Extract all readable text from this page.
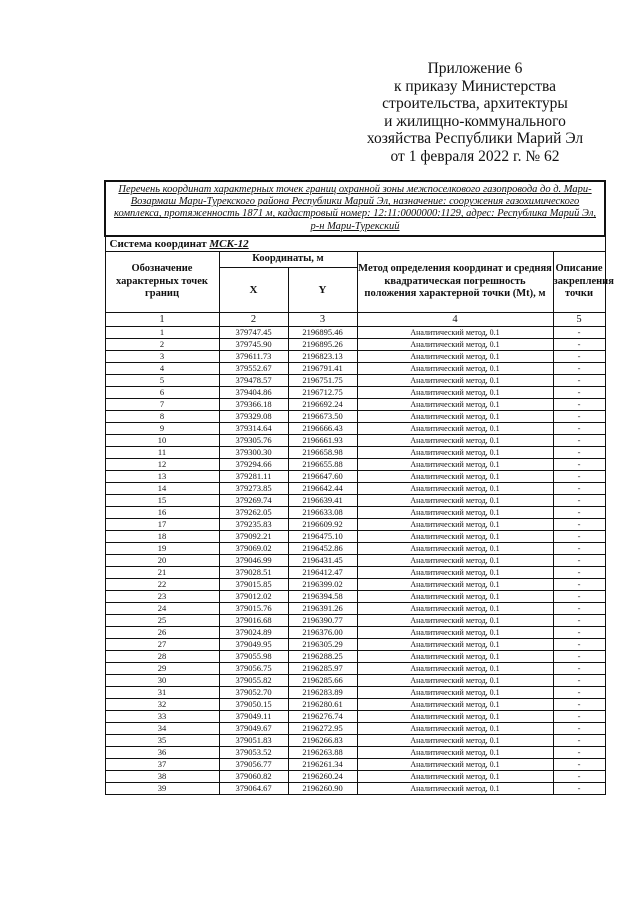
Приложение 6
к приказу Министерства
строительства, архитектуры
и жилищно-коммунального
хозяйства Республики Марий Эл
от 1 февраля 2022 г. № 62
Перечень координат характерных точек границ охранной зоны межпоселкового газопровода до д. Мари-Возармаш Мари-Турекского района Республики Марий Эл, назначение: сооружения газохимического комплекса, протяженность 1871 м, кадастровый номер: 12:11:0000000:1129, адрес: Республика Марий Эл, р-н Мари-Турекский				
Система координат МСК-12				
Обозначение характерных точек границ	Координаты, м		Метод определения координат и средняя квадратическая погрешность положения характерной точки (Mt), м	Описание закрепления точки
	X	Y		
1	2	3	4	5
1	379747.45	2196895.46	Аналитический метод, 0.1	-
2	379745.90	2196895.26	Аналитический метод, 0.1	-
3	379611.73	2196823.13	Аналитический метод, 0.1	-
4	379552.67	2196791.41	Аналитический метод, 0.1	-
5	379478.57	2196751.75	Аналитический метод, 0.1	-
6	379404.86	2196712.75	Аналитический метод, 0.1	-
7	379366.18	2196692.24	Аналитический метод, 0.1	-
8	379329.08	2196673.50	Аналитический метод, 0.1	-
9	379314.64	2196666.43	Аналитический метод, 0.1	-
10	379305.76	2196661.93	Аналитический метод, 0.1	-
11	379300.30	2196658.98	Аналитический метод, 0.1	-
12	379294.66	2196655.88	Аналитический метод, 0.1	-
13	379281.11	2196647.60	Аналитический метод, 0.1	-
14	379273.85	2196642.44	Аналитический метод, 0.1	-
15	379269.74	2196639.41	Аналитический метод, 0.1	-
16	379262.05	2196633.08	Аналитический метод, 0.1	-
17	379235.83	2196609.92	Аналитический метод, 0.1	-
18	379092.21	2196475.10	Аналитический метод, 0.1	-
19	379069.02	2196452.86	Аналитический метод, 0.1	-
20	379046.99	2196431.45	Аналитический метод, 0.1	-
21	379028.51	2196412.47	Аналитический метод, 0.1	-
22	379015.85	2196399.02	Аналитический метод, 0.1	-
23	379012.02	2196394.58	Аналитический метод, 0.1	-
24	379015.76	2196391.26	Аналитический метод, 0.1	-
25	379016.68	2196390.77	Аналитический метод, 0.1	-
26	379024.89	2196376.00	Аналитический метод, 0.1	-
27	379049.95	2196305.29	Аналитический метод, 0.1	-
28	379055.98	2196288.25	Аналитический метод, 0.1	-
29	379056.75	2196285.97	Аналитический метод, 0.1	-
30	379055.82	2196285.66	Аналитический метод, 0.1	-
31	379052.70	2196283.89	Аналитический метод, 0.1	-
32	379050.15	2196280.61	Аналитический метод, 0.1	-
33	379049.11	2196276.74	Аналитический метод, 0.1	-
34	379049.67	2196272.95	Аналитический метод, 0.1	-
35	379051.83	2196266.83	Аналитический метод, 0.1	-
36	379053.52	2196263.88	Аналитический метод, 0.1	-
37	379056.77	2196261.34	Аналитический метод, 0.1	-
38	379060.82	2196260.24	Аналитический метод, 0.1	-
39	379064.67	2196260.90	Аналитический метод, 0.1	-
